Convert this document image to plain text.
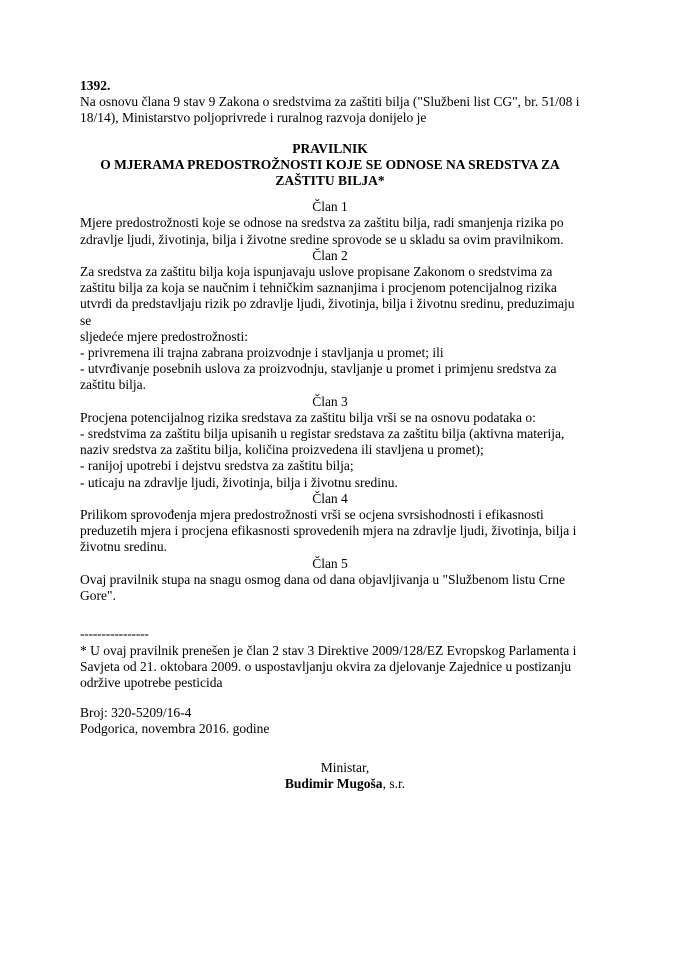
1392.

Na osnovu člana 9 stav 9 Zakona o sredstvima za zaštiti bilja ("Službeni list CG", br. 51/08 i

18/14), Ministarstvo poljoprivrede i ruralnog razvoja donijelo je

PRAVILNIK

O MJERAMA PREDOSTROŽNOSTI KOJE SE ODNOSE NA SREDSTVA ZA

ZAŠTITU BILJA*

Član 1

Mjere predostrožnosti koje se odnose na sredstva za zaštitu bilja, radi smanjenja rizika po

zdravlje ljudi, životinja, bilja i životne sredine sprovode se u skladu sa ovim pravilnikom.

Član 2

Za sredstva za zaštitu bilja koja ispunjavaju uslove propisane Zakonom o sredstvima za

zaštitu bilja za koja se naučnim i tehničkim saznanjima i procjenom potencijalnog rizika

utvrdi da predstavljaju rizik po zdravlje ljudi, životinja, bilja i životnu sredinu, preduzimaju se

sljedeće mjere predostrožnosti:

- privremena ili trajna zabrana proizvodnje i stavljanja u promet; ili

- utvrđivanje posebnih uslova za proizvodnju, stavljanje u promet i primjenu sredstva za

zaštitu bilja.

Član 3

Procjena potencijalnog rizika sredstava za zaštitu bilja vrši se na osnovu podataka o:

- sredstvima za zaštitu bilja upisanih u registar sredstava za zaštitu bilja (aktivna materija,

naziv sredstva za zaštitu bilja, količina proizvedena ili stavljena u promet);

- ranijoj upotrebi i dejstvu sredstva za zaštitu bilja;

- uticaju na zdravlje ljudi, životinja, bilja i životnu sredinu.

Član 4

Prilikom sprovođenja mjera predostrožnosti vrši se ocjena svrsishodnosti i efikasnosti

preduzetih mjera i procjena efikasnosti sprovedenih mjera na zdravlje ljudi, životinja, bilja i

životnu sredinu.

Član 5

Ovaj pravilnik stupa na snagu osmog dana od dana objavljivanja u "Službenom listu Crne

Gore".

----------------

* U ovaj pravilnik prenešen je član 2 stav 3 Direktive 2009/128/EZ Evropskog Parlamenta i

Savjeta od 21. oktobara 2009. o uspostavljanju okvira za djelovanje Zajednice u postizanju

održive upotrebe pesticida

Broj: 320-5209/16-4

Podgorica, novembra 2016. godine

Ministar,

Budimir Mugoša, s.r.
